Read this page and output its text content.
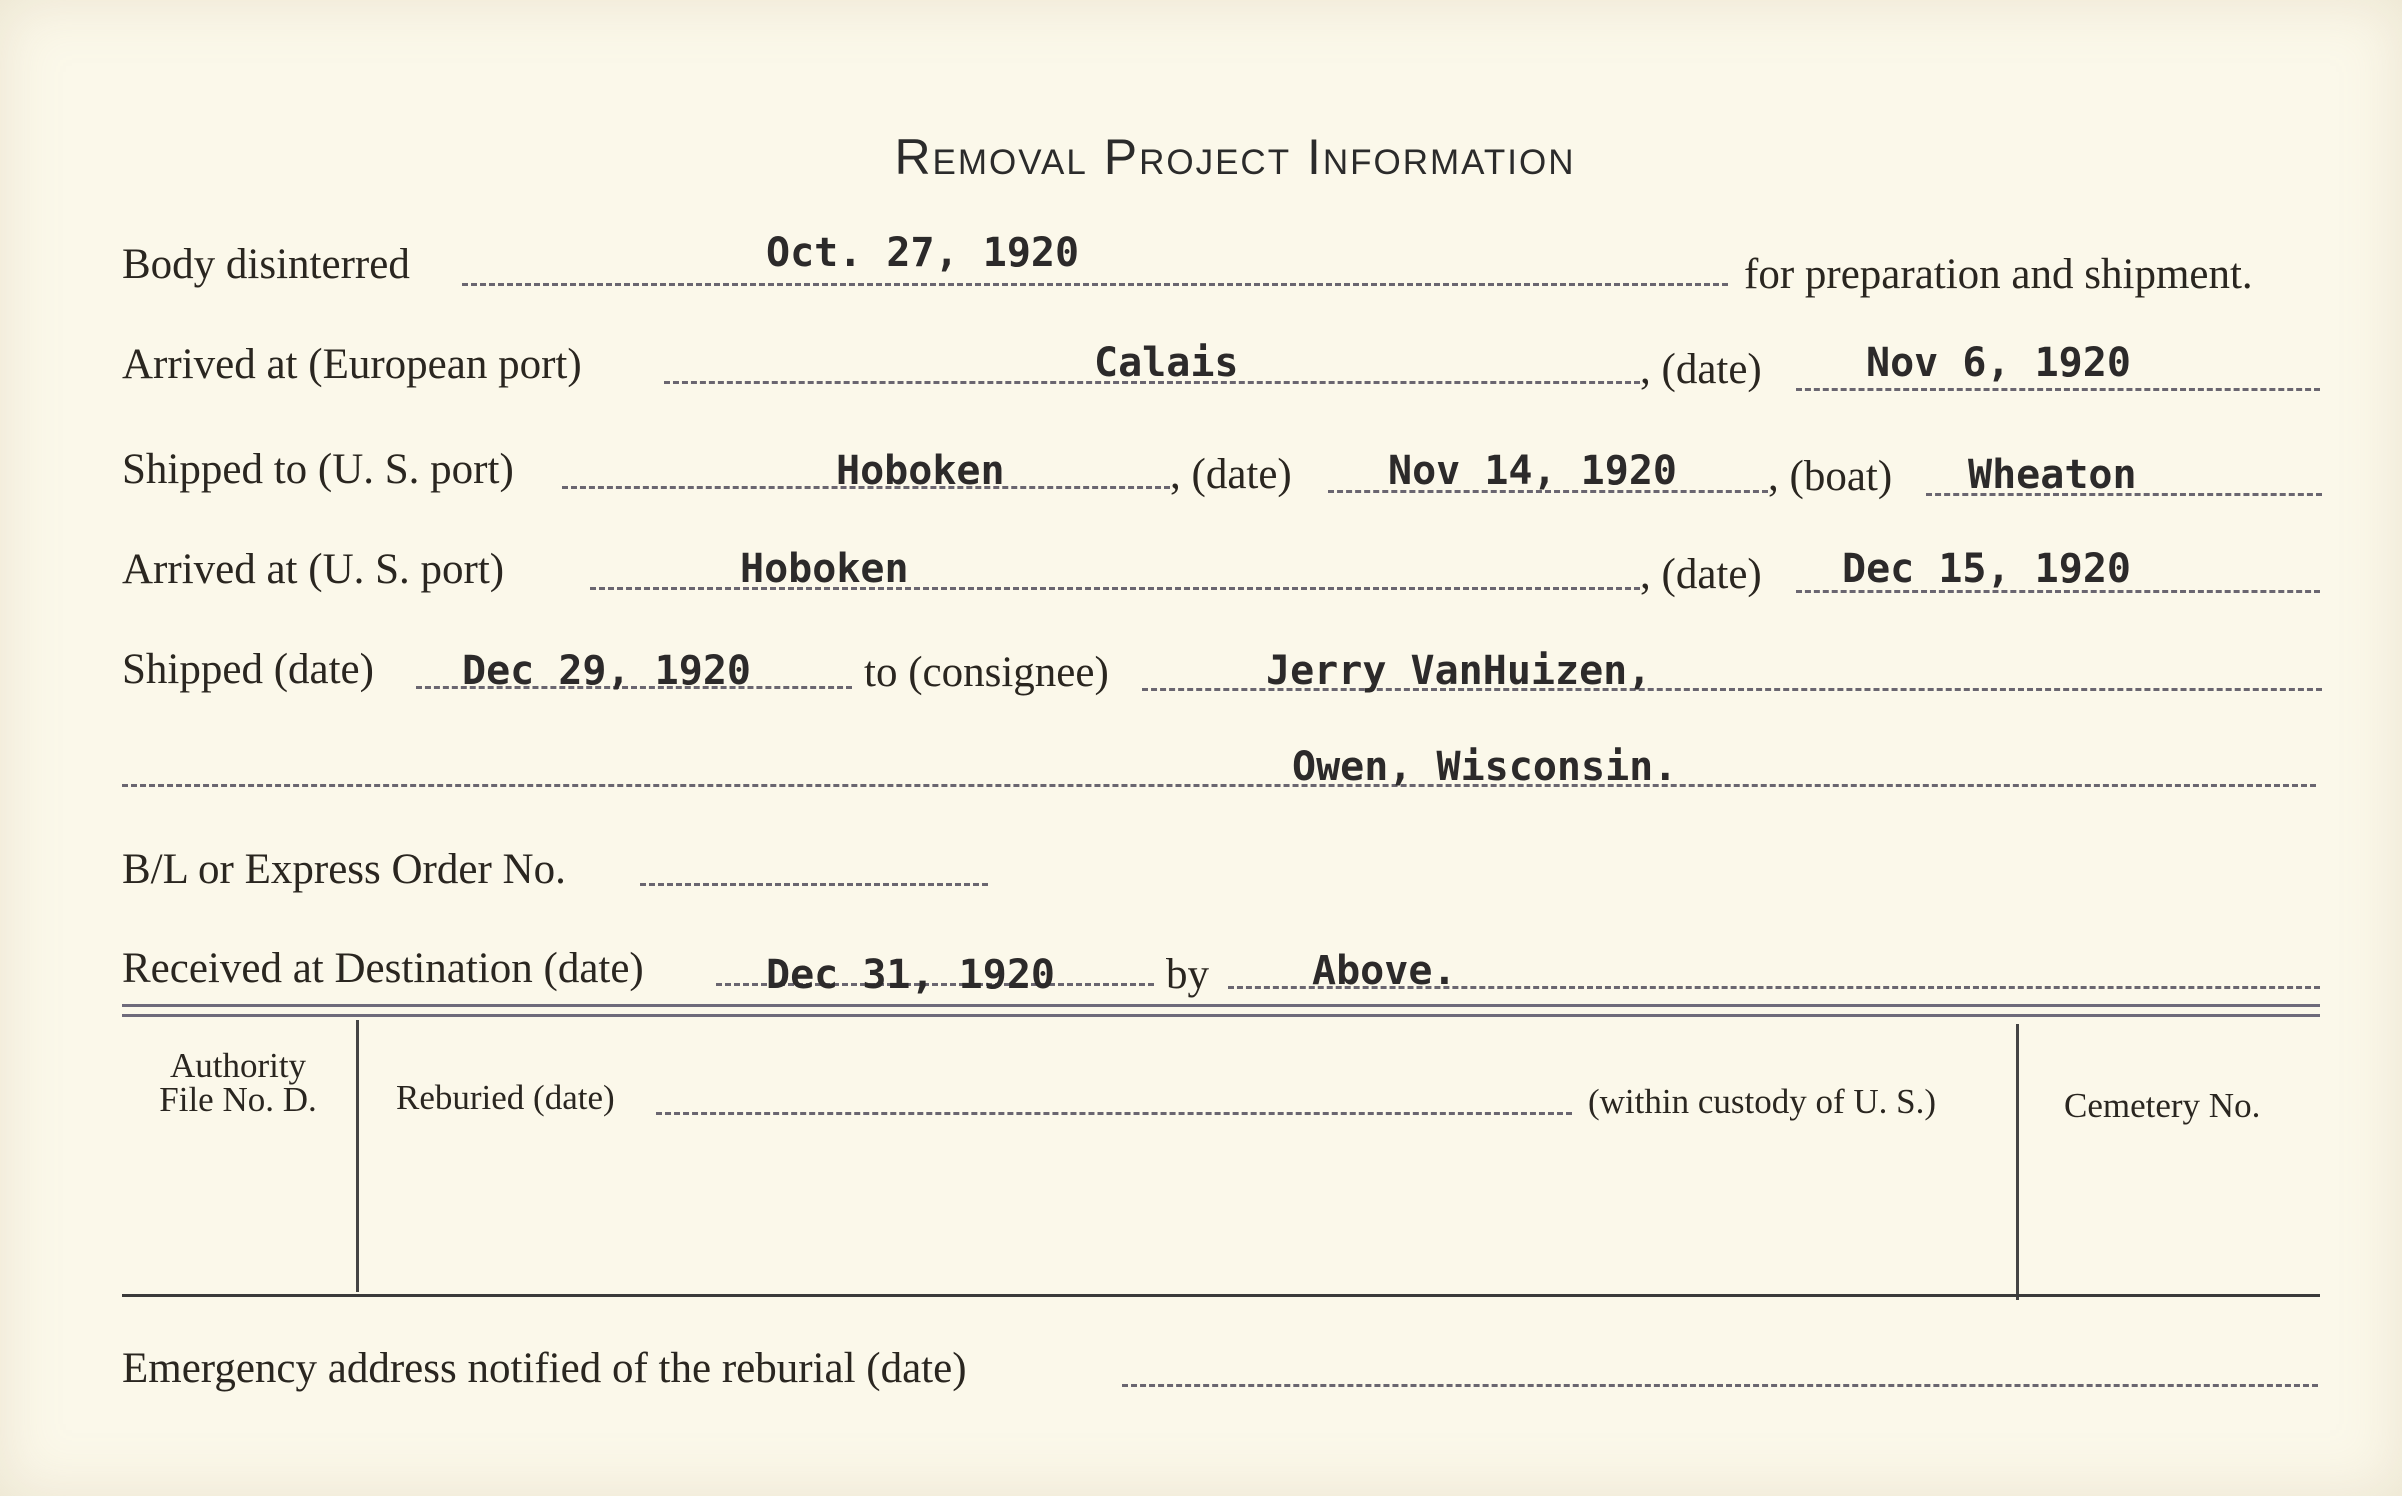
Removal Project Information
Body disinterred	Oct. 27, 1920	for preparation and shipment.
Arrived at (European port)	Calais	, (date)	Nov 6, 1920
Shipped to (U. S. port)	Hoboken	, (date) Nov 14, 1920 , (boat) Wheaton
Arrived at (U. S. port)	Hoboken	, (date) Dec 15, 1920
Shipped (date) Dec 29, 1920	to (consignee)	Jerry VanHuizen,
Owen, Wisconsin.
B/L or Express Order No.
Received at Destination (date)	Dec 31, 1920	by	Above.
Authority
File No. D.	Reburied (date)	(within custody of U. S.)	Cemetery No.
Emergency address notified of the reburial (date)
